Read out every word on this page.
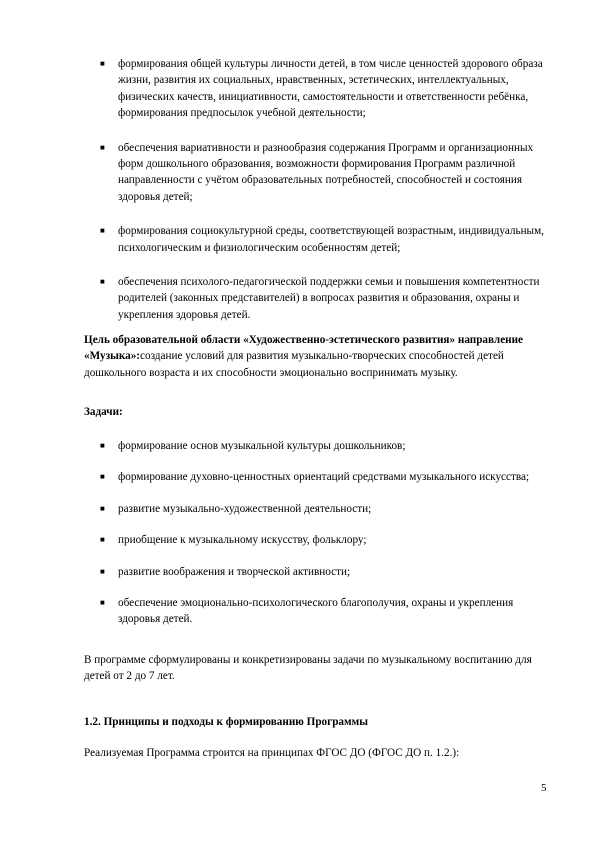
■ формирования общей культуры личности детей, в том числе ценностей здорового образа жизни, развития их социальных, нравственных, эстетических, интеллектуальных, физических качеств, инициативности, самостоятельности и ответственности ребёнка, формирования предпосылок учебной деятельности;

■ обеспечения вариативности и разнообразия содержания Программ и организационных форм дошкольного образования, возможности формирования Программ различной направленности с учётом образовательных потребностей, способностей и состояния здоровья детей;

■ формирования социокультурной среды, соответствующей возрастным, индивидуальным, психологическим и физиологическим особенностям детей;

■ обеспечения психолого-педагогической поддержки семьи и повышения компетентности родителей (законных представителей) в вопросах развития и образования, охраны и укрепления здоровья детей.

Цель образовательной области «Художественно-эстетического развития» направление «Музыка»:создание условий для развития музыкально-творческих способностей детей дошкольного возраста и их способности эмоционально воспринимать музыку.

Задачи:

■ формирование основ музыкальной культуры дошкольников;

■ формирование духовно-ценностных ориентаций средствами музыкального искусства;

■ развитие музыкально-художественной деятельности;

■ приобщение к музыкальному искусству, фольклору;

■ развитие воображения и творческой активности;

■ обеспечение эмоционально-психологического благополучия, охраны и укрепления здоровья детей.

В программе сформулированы и конкретизированы задачи по музыкальному воспитанию для детей от 2 до 7 лет.

1.2. Принципы и подходы к формированию Программы

Реализуемая Программа строится на принципах ФГОС ДО (ФГОС ДО п. 1.2.):

5
